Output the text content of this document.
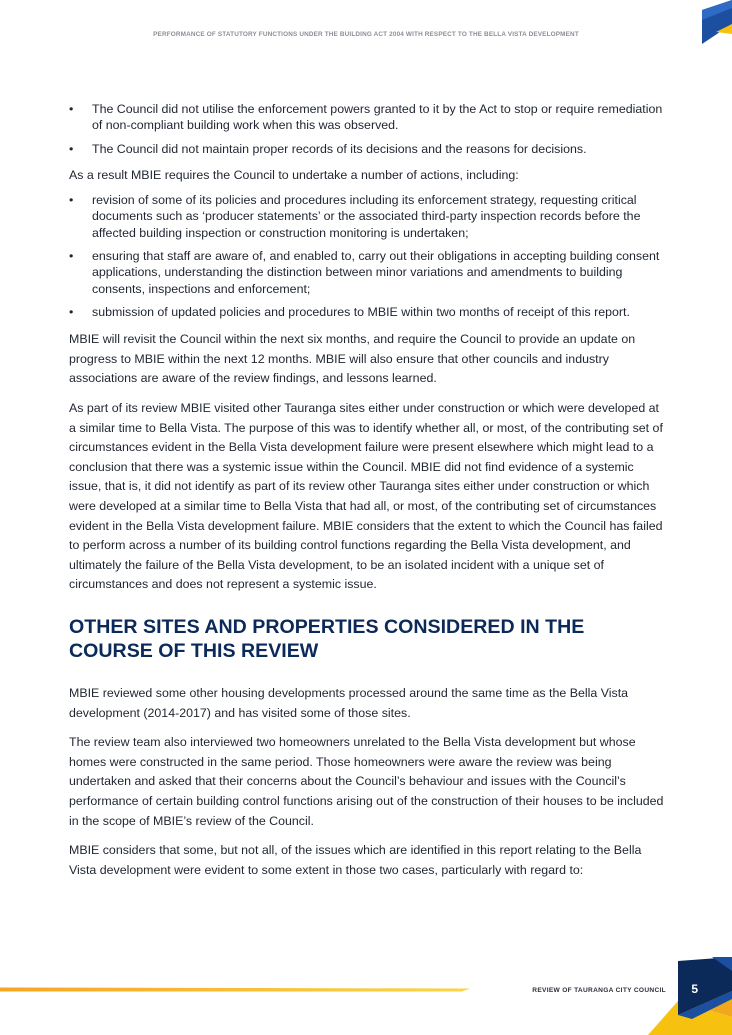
PERFORMANCE OF STATUTORY FUNCTIONS UNDER THE BUILDING ACT 2004 WITH RESPECT TO THE BELLA VISTA DEVELOPMENT
• The Council did not utilise the enforcement powers granted to it by the Act to stop or require remediation of non-compliant building work when this was observed.
• The Council did not maintain proper records of its decisions and the reasons for decisions.

As a result MBIE requires the Council to undertake a number of actions, including:

• revision of some of its policies and procedures including its enforcement strategy, requesting critical documents such as ‘producer statements’ or the associated third-party inspection records before the affected building inspection or construction monitoring is undertaken;
• ensuring that staff are aware of, and enabled to, carry out their obligations in accepting building consent applications, understanding the distinction between minor variations and amendments to building consents, inspections and enforcement;
• submission of updated policies and procedures to MBIE within two months of receipt of this report.

MBIE will revisit the Council within the next six months, and require the Council to provide an update on progress to MBIE within the next 12 months. MBIE will also ensure that other councils and industry associations are aware of the review findings, and lessons learned.

As part of its review MBIE visited other Tauranga sites either under construction or which were developed at a similar time to Bella Vista. The purpose of this was to identify whether all, or most, of the contributing set of circumstances evident in the Bella Vista development failure were present elsewhere which might lead to a conclusion that there was a systemic issue within the Council. MBIE did not find evidence of a systemic issue, that is, it did not identify as part of its review other Tauranga sites either under construction or which were developed at a similar time to Bella Vista that had all, or most, of the contributing set of circumstances evident in the Bella Vista development failure. MBIE considers that the extent to which the Council has failed to perform across a number of its building control functions regarding the Bella Vista development, and ultimately the failure of the Bella Vista development, to be an isolated incident with a unique set of circumstances and does not represent a systemic issue.

OTHER SITES AND PROPERTIES CONSIDERED IN THE COURSE OF THIS REVIEW

MBIE reviewed some other housing developments processed around the same time as the Bella Vista development (2014-2017) and has visited some of those sites.

The review team also interviewed two homeowners unrelated to the Bella Vista development but whose homes were constructed in the same period. Those homeowners were aware the review was being undertaken and asked that their concerns about the Council’s behaviour and issues with the Council’s performance of certain building control functions arising out of the construction of their houses to be included in the scope of MBIE’s review of the Council.

MBIE considers that some, but not all, of the issues which are identified in this report relating to the Bella Vista development were evident to some extent in those two cases, particularly with regard to:

REVIEW OF TAURANGA CITY COUNCIL 5
